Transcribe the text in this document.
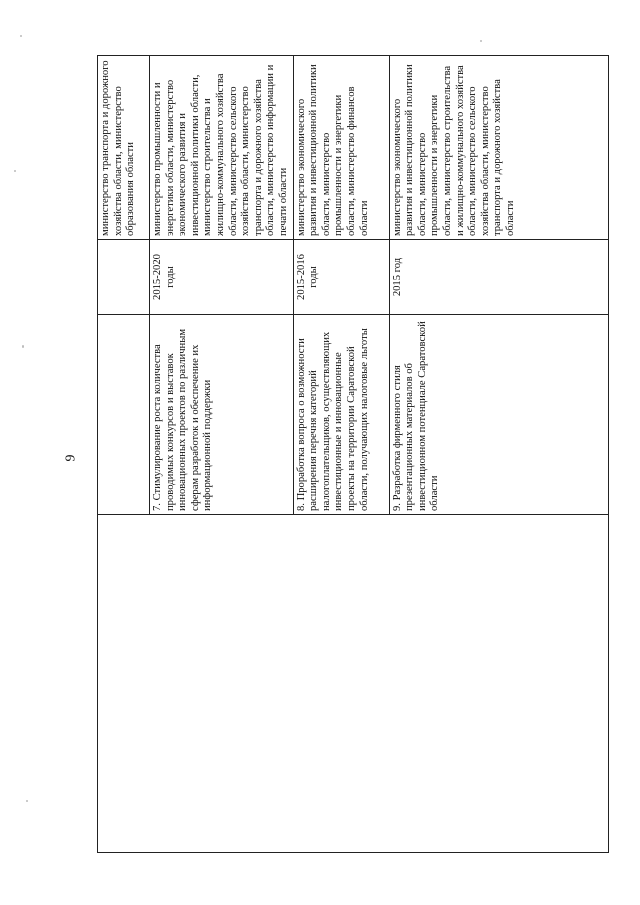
9
			министерство транспорта и дорожного хозяйства области, министерство образования области
	7. Стимулирование роста количества проводимых конкурсов и выставок инновационных проектов по различным сферам разработок и обеспечение их информационной поддержки	2015-2020 годы	министерство промышленности и энергетики области, министерство экономического развития и инвестиционной политики области, министерство строительства и жилищно-коммунального хозяйства области, министерство сельского хозяйства области, министерство транспорта и дорожного хозяйства области, министерство информации и печати области
	8. Проработка вопроса о возможности расширения перечня категорий налогоплательщиков, осуществляющих инвестиционные и инновационные проекты на территории Саратовской области, получающих налоговые льготы	2015-2016 годы	министерство экономического развития и инвестиционной политики области, министерство промышленности и энергетики области, министерство финансов области
	9. Разработка фирменного стиля презентационных материалов об инвестиционном потенциале Саратовской области	2015 год	министерство экономического развития и инвестиционной политики области, министерство промышленности и энергетики области, министерство строительства и жилищно-коммунального хозяйства области, министерство сельского хозяйства области, министерство транспорта и дорожного хозяйства области
